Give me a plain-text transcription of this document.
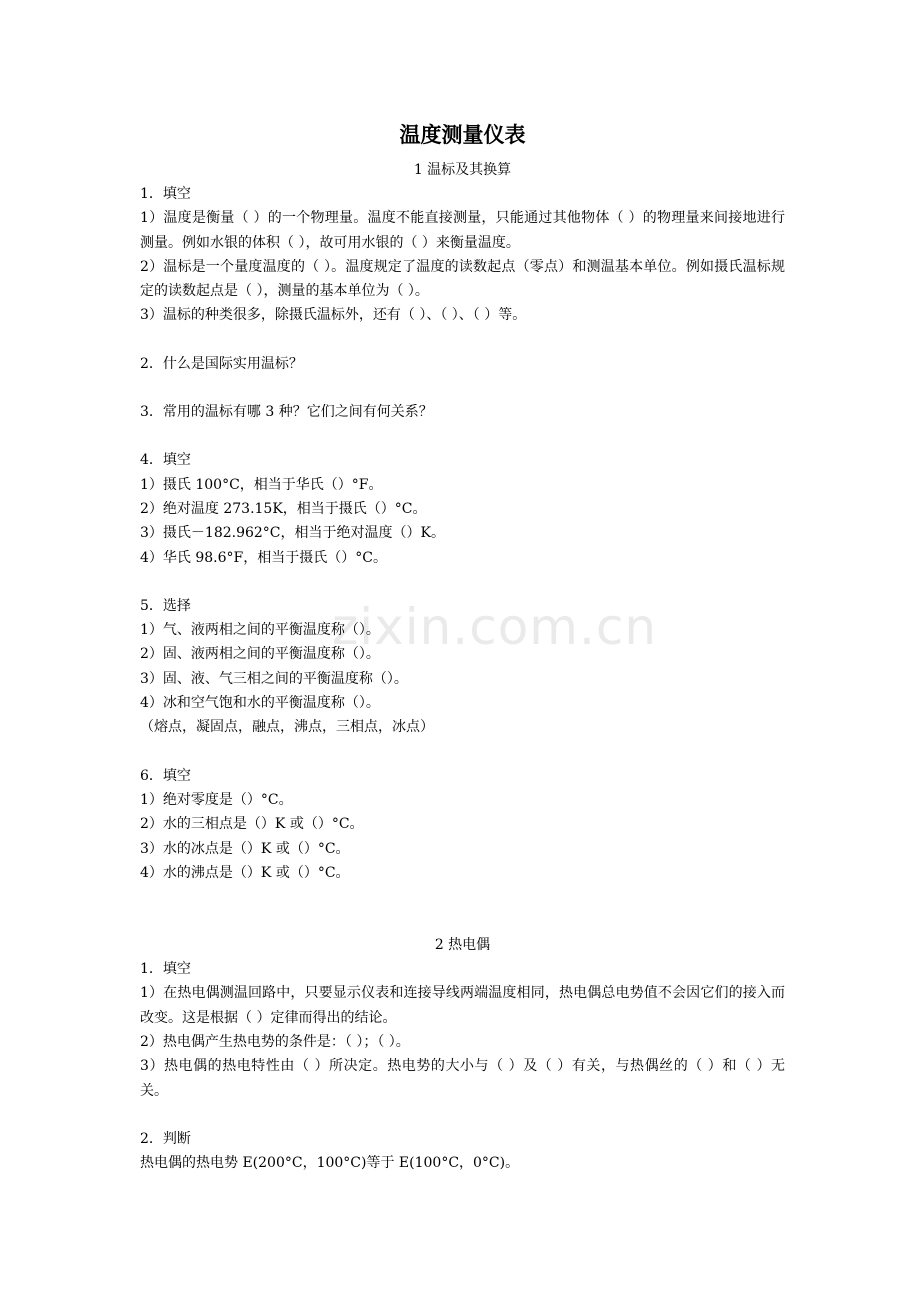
zixin.com.cn
温度测量仪表
1 温标及其换算

1．填空

1）温度是衡量（ ）的一个物理量。温度不能直接测量，只能通过其他物体（ ）的物理量来间接地进行测量。例如水银的体积（ ），故可用水银的（ ）来衡量温度。

2）温标是一个量度温度的（ ）。温度规定了温度的读数起点（零点）和测温基本单位。例如摄氏温标规定的读数起点是（ ），测量的基本单位为（ ）。

3）温标的种类很多，除摄氏温标外，还有（ ）、（ ）、（ ）等。

2．什么是国际实用温标？

3．常用的温标有哪 3 种？它们之间有何关系？

4．填空

1）摄氏 100°C，相当于华氏（）°F。

2）绝对温度 273.15K，相当于摄氏（）°C。

3）摄氏－182.962°C，相当于绝对温度（）K。

4）华氏 98.6°F，相当于摄氏（）°C。

5．选择

1）气、液两相之间的平衡温度称（）。

2）固、液两相之间的平衡温度称（）。

3）固、液、气三相之间的平衡温度称（）。

4）冰和空气饱和水的平衡温度称（）。

（熔点，凝固点，融点，沸点，三相点，冰点）

6．填空

1）绝对零度是（）°C。

2）水的三相点是（）K 或（）°C。

3）水的冰点是（）K 或（）°C。

4）水的沸点是（）K 或（）°C。

2 热电偶

1．填空

1）在热电偶测温回路中，只要显示仪表和连接导线两端温度相同，热电偶总电势值不会因它们的接入而改变。这是根据（ ）定律而得出的结论。

2）热电偶产生热电势的条件是：（ ）；（ ）。

3）热电偶的热电特性由（ ）所决定。热电势的大小与（ ）及（ ）有关，与热偶丝的（ ）和（ ）无关。

2．判断

热电偶的热电势 E(200°C，100°C)等于 E(100°C，0°C)。
